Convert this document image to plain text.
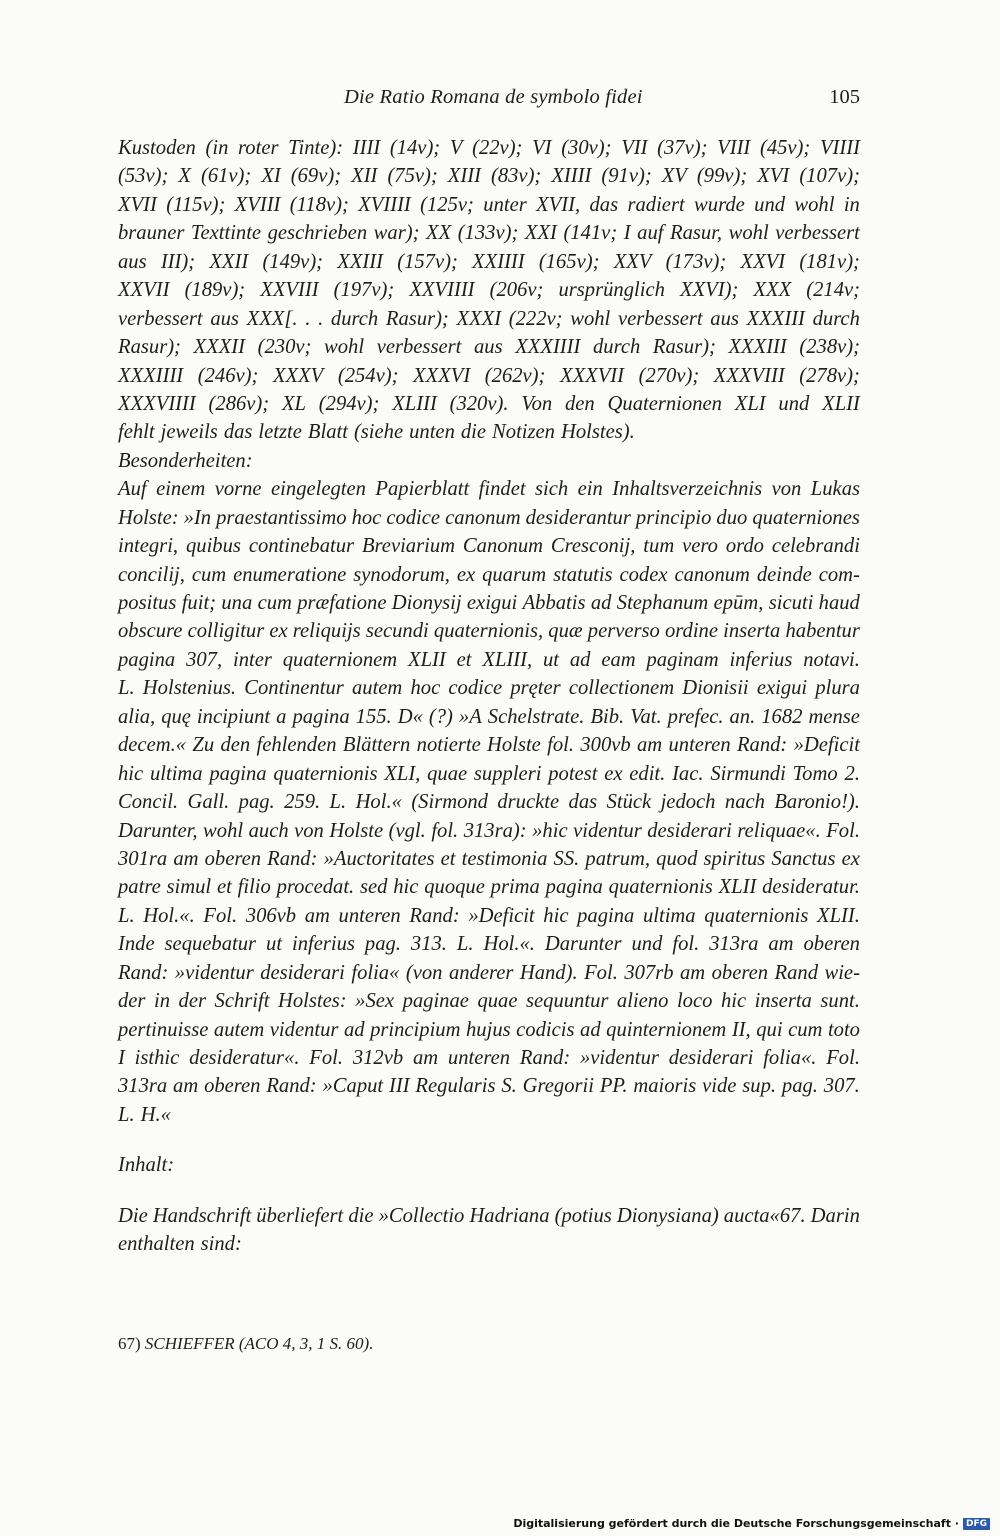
Die Ratio Romana de symbolo fidei	105
Kustoden (in roter Tinte): IIII (14v); V (22v); VI (30v); VII (37v); VIII (45v); VIIII
(53v); X (61v); XI (69v); XII (75v); XIII (83v); XIIII (91v); XV (99v); XVI (107v);
XVII (115v); XVIII (118v); XVIIII (125v; unter XVII, das radiert wurde und wohl in
brauner Texttinte geschrieben war); XX (133v); XXI (141v; I auf Rasur, wohl verbessert
aus III); XXII (149v); XXIII (157v); XXIIII (165v); XXV (173v); XXVI (181v);
XXVII (189v); XXVIII (197v); XXVIIII (206v; ursprünglich XXVI); XXX (214v;
verbessert aus XXX[. . . durch Rasur); XXXI (222v; wohl verbessert aus XXXIII durch
Rasur); XXXII (230v; wohl verbessert aus XXXIIII durch Rasur); XXXIII (238v);
XXXIIII (246v); XXXV (254v); XXXVI (262v); XXXVII (270v); XXXVIII (278v);
XXXVIIII (286v); XL (294v); XLIII (320v). Von den Quaternionen XLI und XLII
fehlt jeweils das letzte Blatt (siehe unten die Notizen Holstes).
Besonderheiten:
Auf einem vorne eingelegten Papierblatt findet sich ein Inhaltsverzeichnis von Lukas
Holste: »In praestantissimo hoc codice canonum desiderantur principio duo quaterniones
integri, quibus continebatur Breviarium Canonum Cresconij, tum vero ordo celebrandi
concilij, cum enumeratione synodorum, ex quarum statutis codex canonum deinde com-
positus fuit; una cum præfatione Dionysij exigui Abbatis ad Stephanum epūm, sicuti haud
obscure colligitur ex reliquijs secundi quaternionis, quæ perverso ordine inserta habentur
pagina 307, inter quaternionem XLII et XLIII, ut ad eam paginam inferius notavi.
L. Holstenius. Continentur autem hoc codice pręter collectionem Dionisii exigui plura
alia, quę incipiunt a pagina 155. D« (?) »A Schelstrate. Bib. Vat. prefec. an. 1682 mense
decem.« Zu den fehlenden Blättern notierte Holste fol. 300vb am unteren Rand: »Deficit
hic ultima pagina quaternionis XLI, quae suppleri potest ex edit. Iac. Sirmundi Tomo 2.
Concil. Gall. pag. 259. L. Hol.« (Sirmond druckte das Stück jedoch nach Baronio!).
Darunter, wohl auch von Holste (vgl. fol. 313ra): »hic videntur desiderari reliquae«. Fol.
301ra am oberen Rand: »Auctoritates et testimonia SS. patrum, quod spiritus Sanctus ex
patre simul et filio procedat. sed hic quoque prima pagina quaternionis XLII desideratur.
L. Hol.«. Fol. 306vb am unteren Rand: »Deficit hic pagina ultima quaternionis XLII.
Inde sequebatur ut inferius pag. 313. L. Hol.«. Darunter und fol. 313ra am oberen
Rand: »videntur desiderari folia« (von anderer Hand). Fol. 307rb am oberen Rand wie-
der in der Schrift Holstes: »Sex paginae quae sequuntur alieno loco hic inserta sunt.
pertinuisse autem videntur ad principium hujus codicis ad quinternionem II, qui cum toto
I isthic desideratur«. Fol. 312vb am unteren Rand: »videntur desiderari folia«. Fol.
313ra am oberen Rand: »Caput III Regularis S. Gregorii PP. maioris vide sup. pag. 307.
L. H.«
Inhalt:
Die Handschrift überliefert die »Collectio Hadriana (potius Dionysiana) aucta«67. Darin
enthalten sind:
67) SCHIEFFER (ACO 4, 3, 1 S. 60).
Digitalisierung gefördert durch die Deutsche Forschungsgemeinschaft · DFG
